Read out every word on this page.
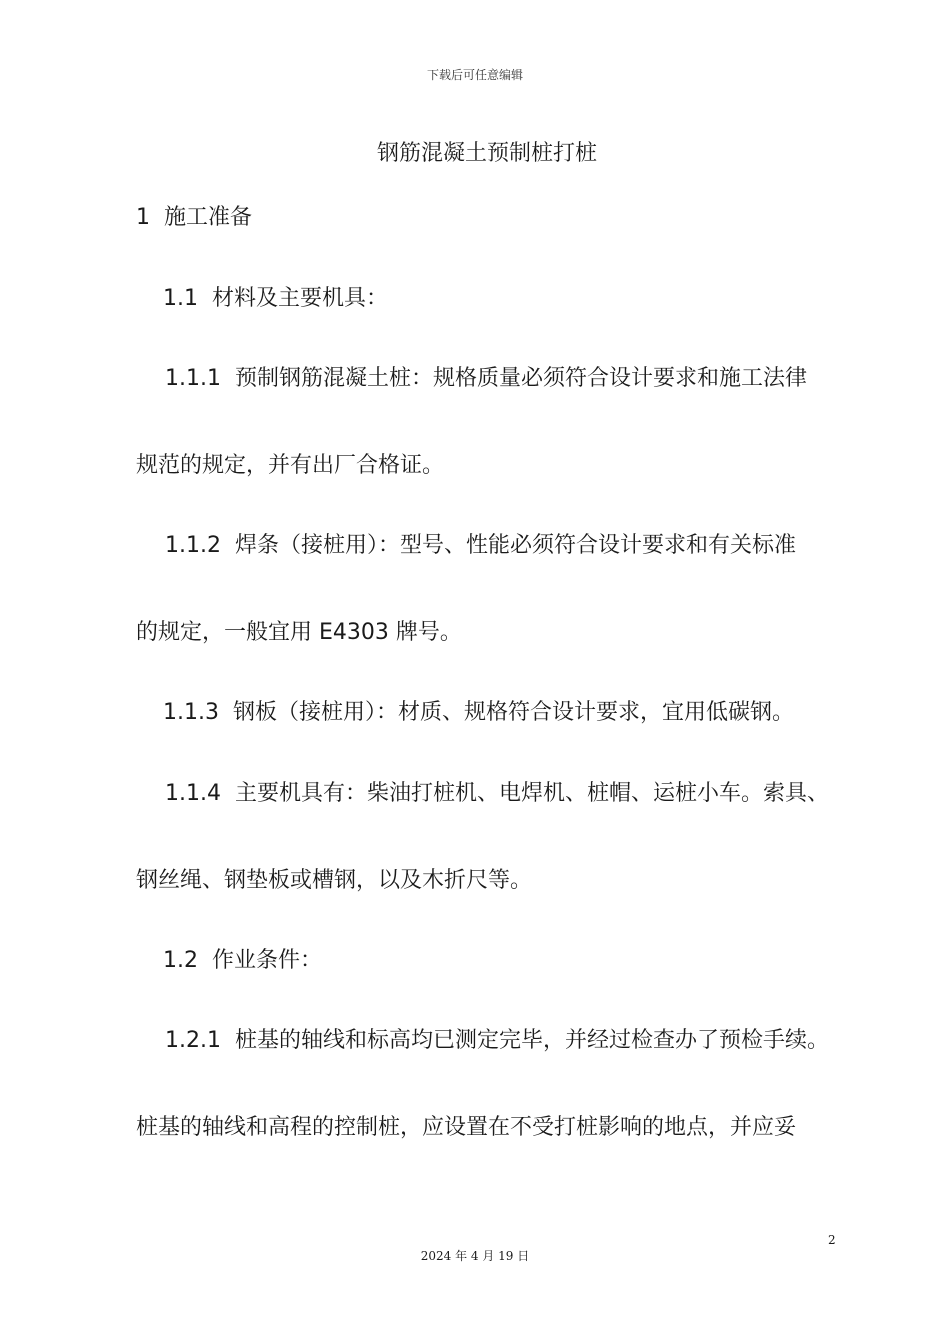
下载后可任意编辑
钢筋混凝土预制桩打桩
1 施工准备
1.1 材料及主要机具：
1.1.1 预制钢筋混凝土桩：规格质量必须符合设计要求和施工法律
规范的规定，并有出厂合格证。
1.1.2 焊条（接桩用）：型号、性能必须符合设计要求和有关标准
的规定，一般宜用 E4303 牌号。
1.1.3 钢板（接桩用）：材质、规格符合设计要求，宜用低碳钢。
1.1.4 主要机具有：柴油打桩机、电焊机、桩帽、运桩小车。索具、
钢丝绳、钢垫板或槽钢，以及木折尺等。
1.2 作业条件：
1.2.1 桩基的轴线和标高均已测定完毕，并经过检查办了预检手续。
桩基的轴线和高程的控制桩，应设置在不受打桩影响的地点，并应妥
2
2024 年 4 月 19 日
